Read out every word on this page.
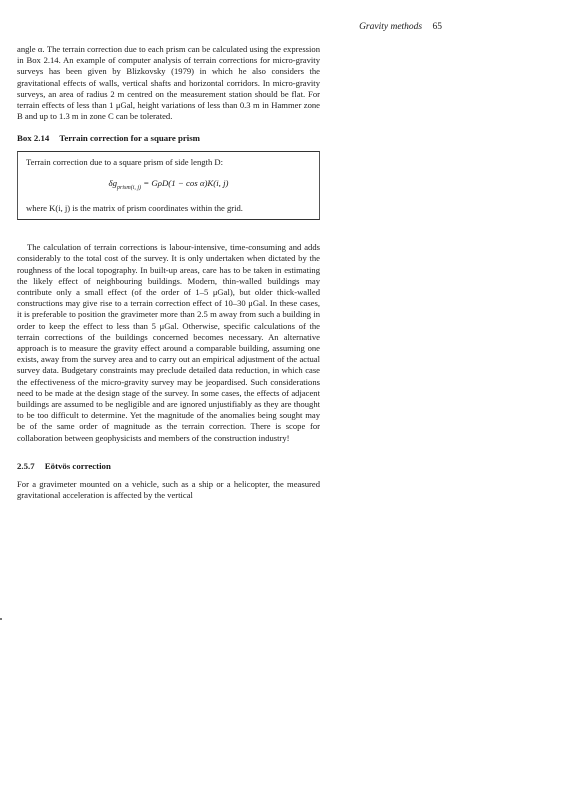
Gravity methods 65

angle α. The terrain correction due to each prism can be calculated using the expression in Box 2.14. An example of computer analysis of terrain corrections for micro-gravity surveys has been given by Blizkovsky (1979) in which he also considers the gravitational effects of walls, vertical shafts and horizontal corridors. In micro-gravity surveys, an area of radius 2 m centred on the measurement station should be flat. For terrain effects of less than 1 μGal, height variations of less than 0.3 m in Hammer zone B and up to 1.3 m in zone C can be tolerated.

Box 2.14 Terrain correction for a square prism

Terrain correction due to a square prism of side length D:

$\delta g_{prism(i, j)} = G\rho D(1 - \cos \alpha)K(i$, j)

where K(i, j) is the matrix of prism coordinates within the grid.

The calculation of terrain corrections is labour-intensive, time-consuming and adds considerably to the total cost of the survey. It is only undertaken when dictated by the roughness of the local topography. In built-up areas, care has to be taken in estimating the likely effect of neighbouring buildings. Modern, thin-walled buildings may contribute only a small effect (of the order of 1–5 μGal), but older thick-walled constructions may give rise to a terrain correction effect of 10–30 μGal. In these cases, it is preferable to position the gravimeter more than 2.5 m away from such a building in order to keep the effect to less than 5 μGal. Otherwise, specific calculations of the terrain corrections of the buildings concerned becomes necessary. An alternative approach is to measure the gravity effect around a comparable building, assuming one exists, away from the survey area and to carry out an empirical adjustment of the actual survey data. Budgetary constraints may preclude detailed data reduction, in which case the effectiveness of the micro-gravity survey may be jeopardised. Such considerations need to be made at the design stage of the survey. In some cases, the effects of adjacent buildings are assumed to be negligible and are ignored unjustifiably as they are thought to be too difficult to determine. Yet the magnitude of the anomalies being sought may be of the same order of magnitude as the terrain correction. There is scope for collaboration between geophysicists and members of the construction industry!

2.5.7 Eötvös correction

For a gravimeter mounted on a vehicle, such as a ship or a helicopter, the measured gravitational acceleration is affected by the vertical
